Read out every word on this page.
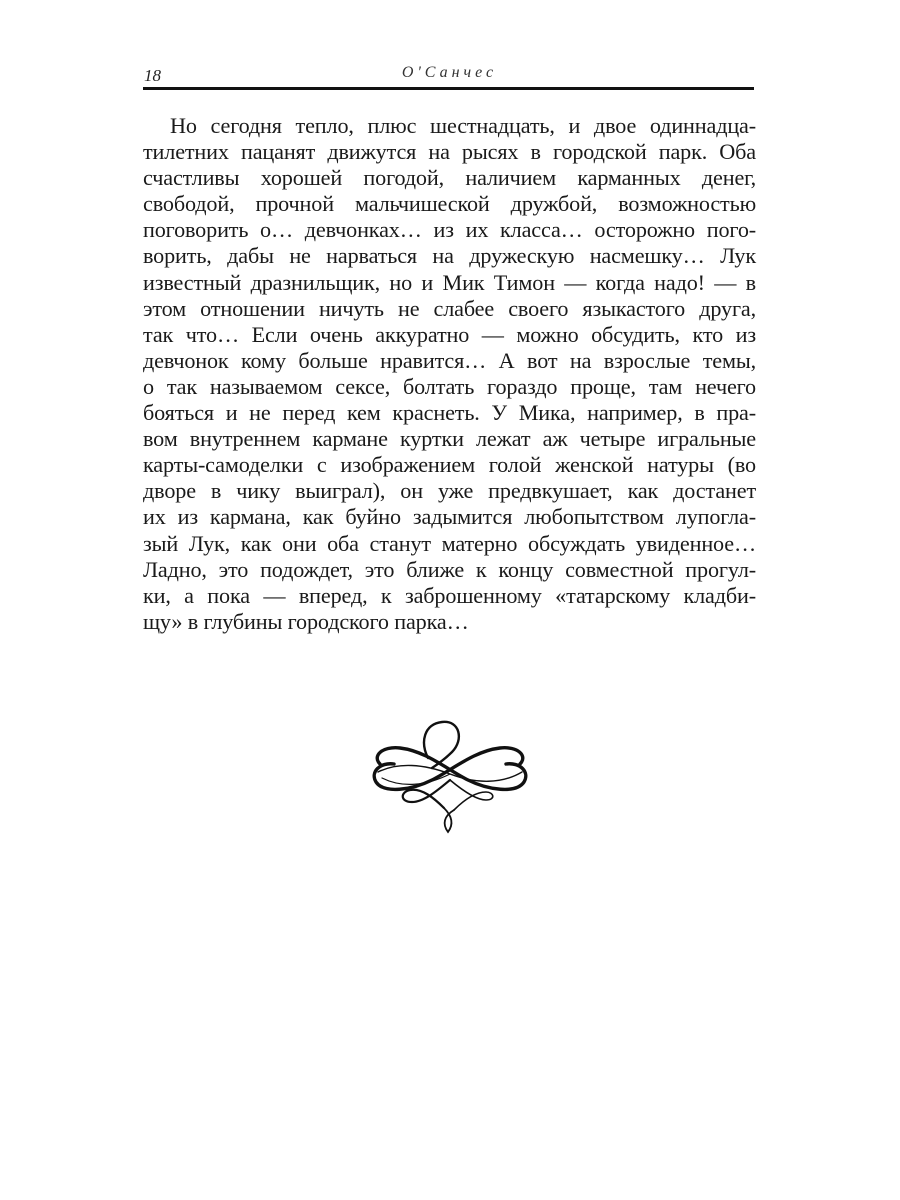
18	О'Санчес
Но сегодня тепло, плюс шестнадцать, и двое одиннадца-
тилетних пацанят движутся на рысях в городской парк. Оба
счастливы хорошей погодой, наличием карманных денег,
свободой, прочной мальчишеской дружбой, возможностью
поговорить о… девчонках… из их класса… осторожно пого-
ворить, дабы не нарваться на дружескую насмешку… Лук
известный дразнильщик, но и Мик Тимон — когда надо! — в
этом отношении ничуть не слабее своего языкастого друга,
так что… Если очень аккуратно — можно обсудить, кто из
девчонок кому больше нравится… А вот на взрослые темы,
о так называемом сексе, болтать гораздо проще, там нечего
бояться и не перед кем краснеть. У Мика, например, в пра-
вом внутреннем кармане куртки лежат аж четыре игральные
карты-самоделки с изображением голой женской натуры (во
дворе в чику выиграл), он уже предвкушает, как достанет
их из кармана, как буйно задымится любопытством лупогла-
зый Лук, как они оба станут матерно обсуждать увиденное…
Ладно, это подождет, это ближе к концу совместной прогул-
ки, а пока — вперед, к заброшенному «татарскому кладби-
щу» в глубины городского парка…
